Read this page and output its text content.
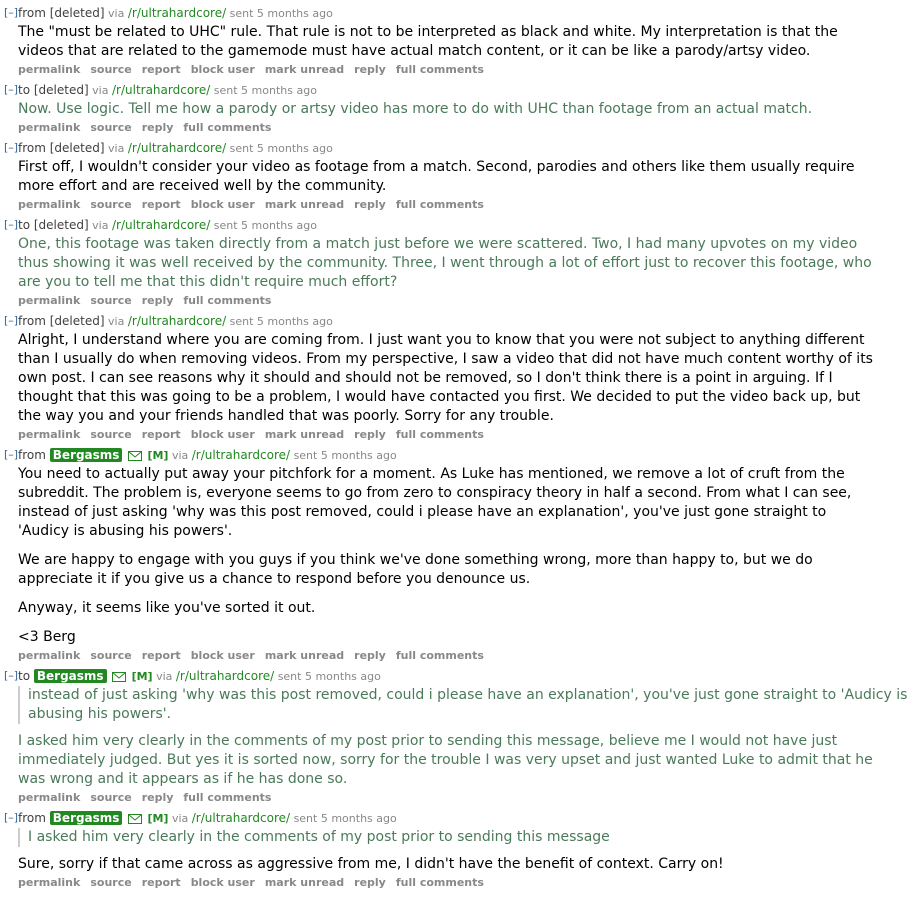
[–] from [deleted] via /r/ultrahardcore/ sent 5 months ago

The "must be related to UHC" rule. That rule is not to be interpreted as black and white. My interpretation is that the videos that are related to the gamemode must have actual match content, or it can be like a parody/artsy video.

permalink source report block user mark unread reply full comments
[–] to [deleted] via /r/ultrahardcore/ sent 5 months ago

Now. Use logic. Tell me how a parody or artsy video has more to do with UHC than footage from an actual match.

permalink source reply full comments
[–] from [deleted] via /r/ultrahardcore/ sent 5 months ago

First off, I wouldn't consider your video as footage from a match. Second, parodies and others like them usually require more effort and are received well by the community.

permalink source report block user mark unread reply full comments
[–] to [deleted] via /r/ultrahardcore/ sent 5 months ago

One, this footage was taken directly from a match just before we were scattered. Two, I had many upvotes on my video thus showing it was well received by the community. Three, I went through a lot of effort just to recover this footage, who are you to tell me that this didn't require much effort?

permalink source reply full comments
[–] from [deleted] via /r/ultrahardcore/ sent 5 months ago

Alright, I understand where you are coming from. I just want you to know that you were not subject to anything different than I usually do when removing videos. From my perspective, I saw a video that did not have much content worthy of its own post. I can see reasons why it should and should not be removed, so I don't think there is a point in arguing. If I thought that this was going to be a problem, I would have contacted you first. We decided to put the video back up, but the way you and your friends handled that was poorly. Sorry for any trouble.

permalink source report block user mark unread reply full comments
[–] from Bergasms	[M] via /r/ultrahardcore/ sent 5 months ago

You need to actually put away your pitchfork for a moment. As Luke has mentioned, we remove a lot of cruft from the subreddit. The problem is, everyone seems to go from zero to conspiracy theory in half a second. From what I can see, instead of just asking 'why was this post removed, could i please have an explanation', you've just gone straight to 'Audicy is abusing his powers'.

We are happy to engage with you guys if you think we've done something wrong, more than happy to, but we do appreciate it if you give us a chance to respond before you denounce us.

Anyway, it seems like you've sorted it out.

<3 Berg

permalink source report block user mark unread reply full comments
[–] to Bergasms	[M] via /r/ultrahardcore/ sent 5 months ago
instead of just asking 'why was this post removed, could i please have an explanation', you've just gone straight to 'Audicy is abusing his powers'.

I asked him very clearly in the comments of my post prior to sending this message, believe me I would not have just immediately judged. But yes it is sorted now, sorry for the trouble I was very upset and just wanted Luke to admit that he was wrong and it appears as if he has done so.

permalink source reply full comments
[–] from Bergasms	[M] via /r/ultrahardcore/ sent 5 months ago
I asked him very clearly in the comments of my post prior to sending this message

Sure, sorry if that came across as aggressive from me, I didn't have the benefit of context. Carry on!

permalink source report block user mark unread reply full comments
